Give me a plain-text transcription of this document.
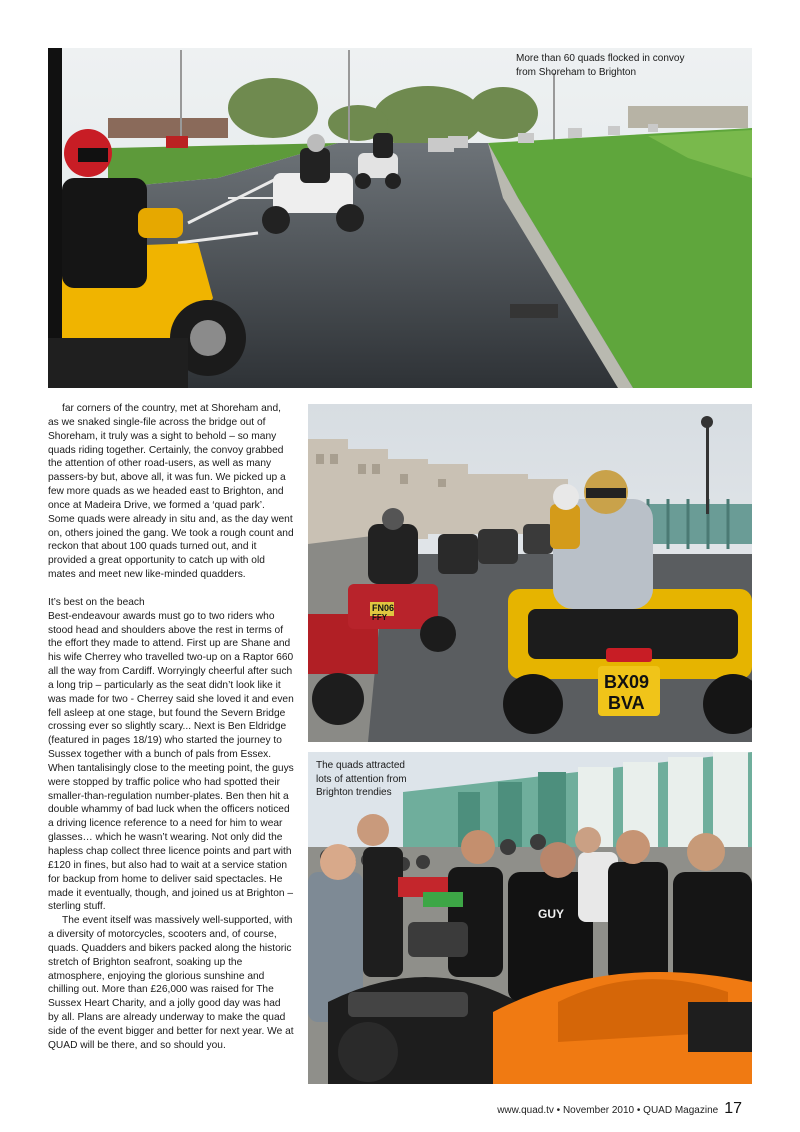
More than 60 quads flocked in convoy
from Shoreham to Brighton
FN06
FFY
BX09
BVA
GUY
The quads attracted
lots of attention from
Brighton trendies

far corners of the country, met at Shoreham and, as we snaked single-file across the bridge out of Shoreham, it truly was a sight to behold – so many quads riding together. Certainly, the convoy grabbed the attention of other road-users, as well as many passers-by but, above all, it was fun. We picked up a few more quads as we headed east to Brighton, and once at Madeira Drive, we formed a ‘quad park’. Some quads were already in situ and, as the day went on, others joined the gang. We took a rough count and reckon that about 100 quads turned out, and it provided a great opportunity to catch up with old mates and meet new like-minded quadders.

It’s best on the beach

Best-endeavour awards must go to two riders who stood head and shoulders above the rest in terms of the effort they made to attend. First up are Shane and his wife Cherrey who travelled two-up on a Raptor 660 all the way from Cardiff. Worryingly cheerful after such a long trip – particularly as the seat didn’t look like it was made for two - Cherrey said she loved it and even fell asleep at one stage, but found the Severn Bridge crossing ever so slightly scary... Next is Ben Eldridge (featured in pages 18/19) who started the journey to Sussex together with a bunch of pals from Essex. When tantalisingly close to the meeting point, the guys were stopped by traffic police who had spotted their smaller-than-regulation number-plates. Ben then hit a double whammy of bad luck when the officers noticed a driving licence reference to a need for him to wear glasses… which he wasn’t wearing. Not only did the hapless chap collect three licence points and part with £120 in fines, but also had to wait at a service station for backup from home to deliver said spectacles. He made it eventually, though, and joined us at Brighton – sterling stuff.

The event itself was massively well-supported, with a diversity of motorcycles, scooters and, of course, quads. Quadders and bikers packed along the historic stretch of Brighton seafront, soaking up the atmosphere, enjoying the glorious sunshine and chilling out. More than £26,000 was raised for The Sussex Heart Charity, and a jolly good day was had by all. Plans are already underway to make the quad side of the event bigger and better for next year. We at QUAD will be there, and so should you.

www.quad.tv • November 2010 • QUAD Magazine 17
